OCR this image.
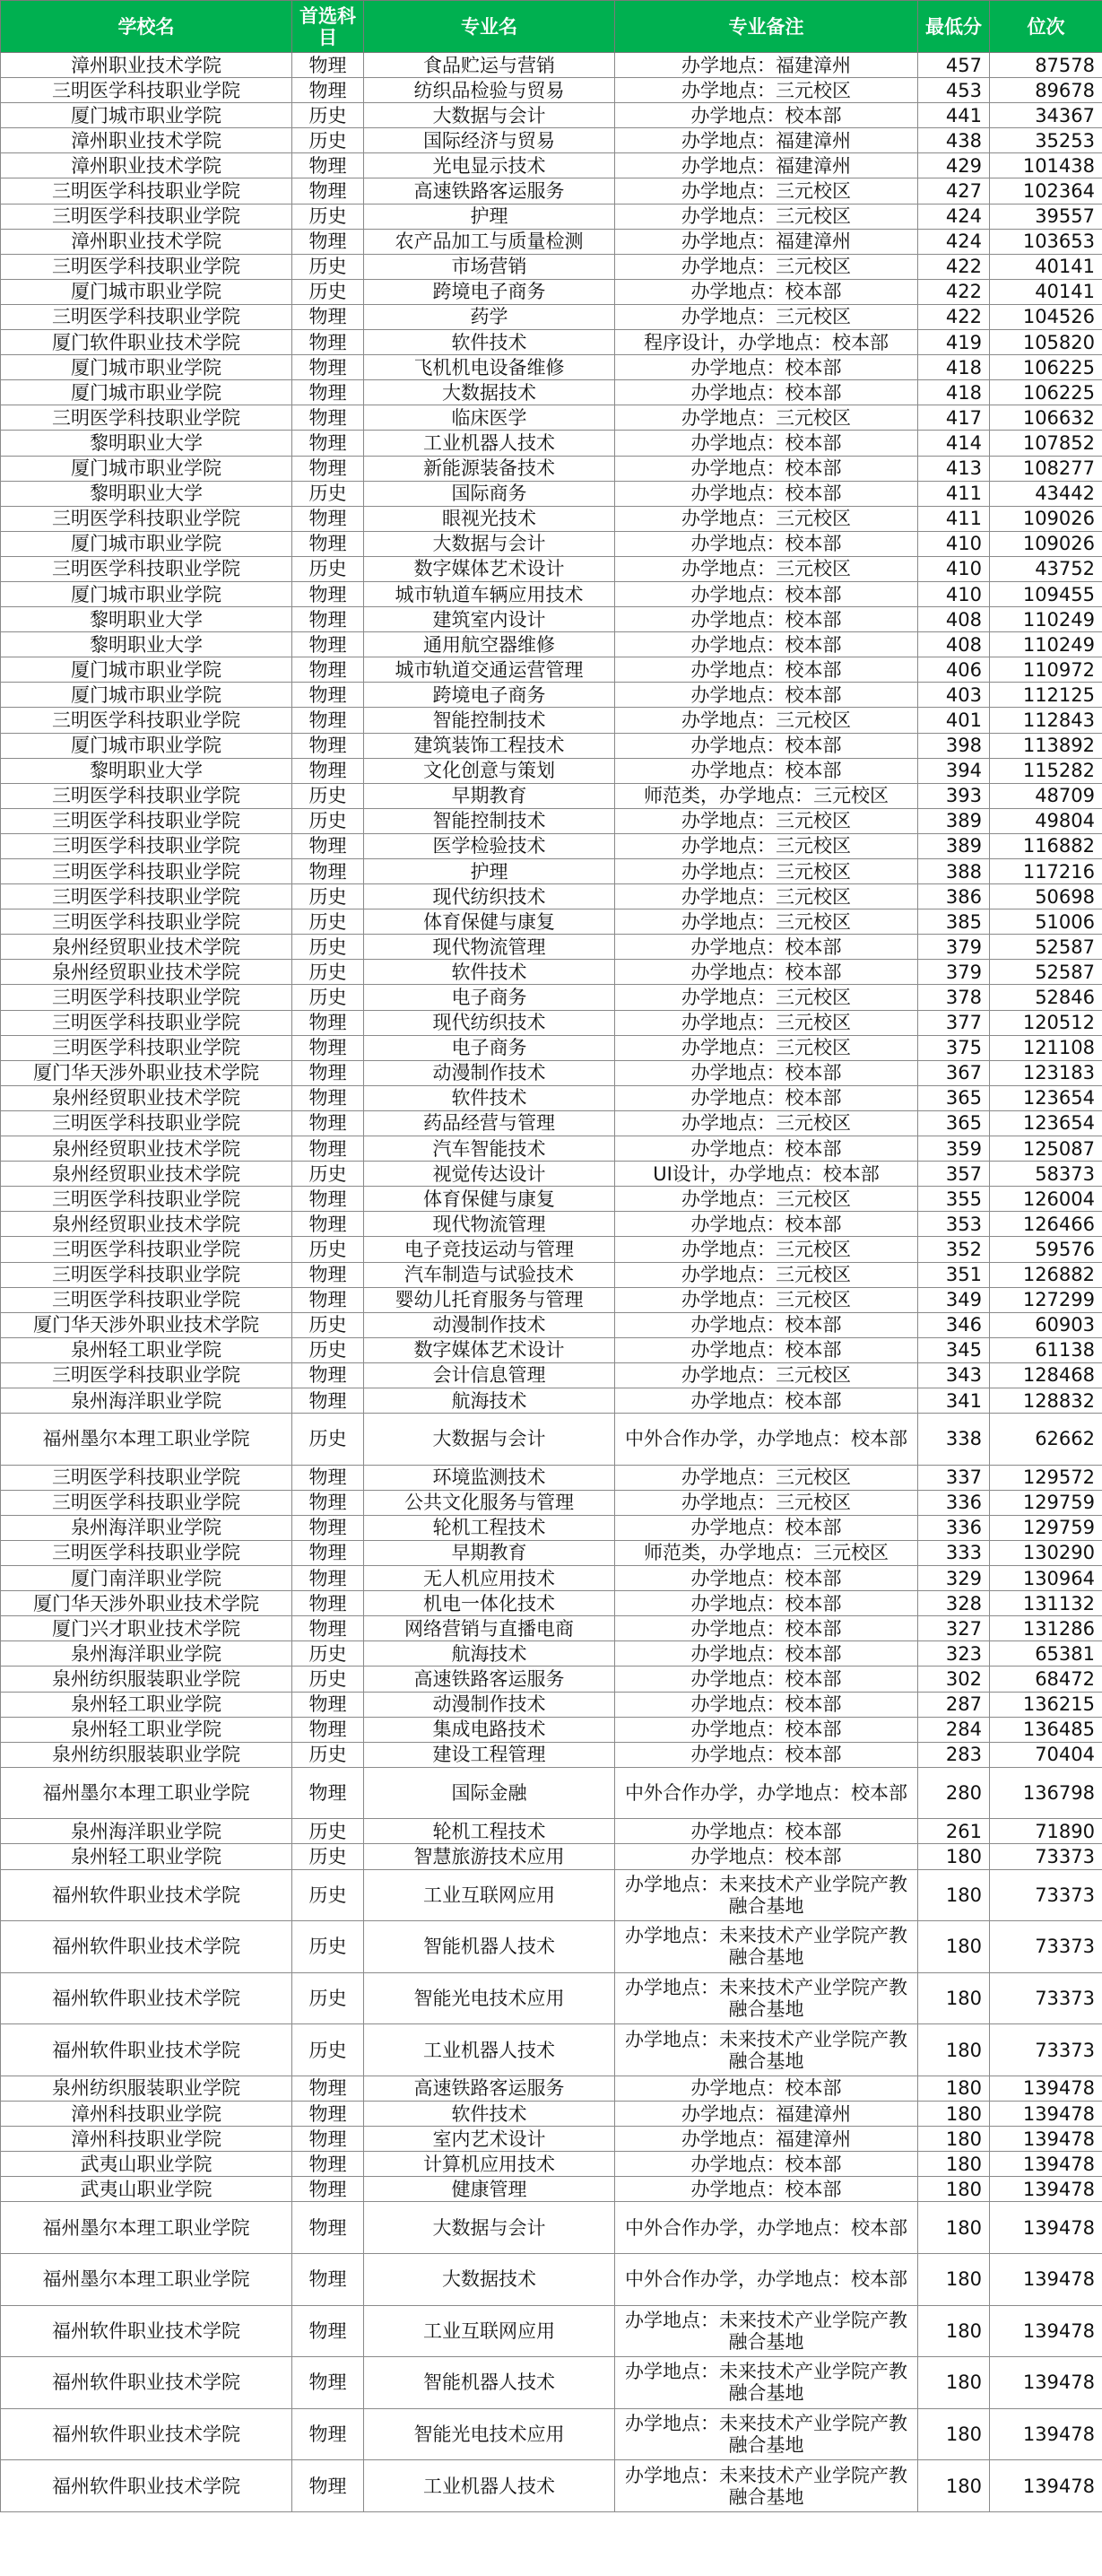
学校名	首选科目	专业名	专业备注	最低分	位次
漳州职业技术学院	物理	食品贮运与营销	办学地点：福建漳州	457	87578
三明医学科技职业学院	物理	纺织品检验与贸易	办学地点：三元校区	453	89678
厦门城市职业学院	历史	大数据与会计	办学地点：校本部	441	34367
漳州职业技术学院	历史	国际经济与贸易	办学地点：福建漳州	438	35253
漳州职业技术学院	物理	光电显示技术	办学地点：福建漳州	429	101438
三明医学科技职业学院	物理	高速铁路客运服务	办学地点：三元校区	427	102364
三明医学科技职业学院	历史	护理	办学地点：三元校区	424	39557
漳州职业技术学院	物理	农产品加工与质量检测	办学地点：福建漳州	424	103653
三明医学科技职业学院	历史	市场营销	办学地点：三元校区	422	40141
厦门城市职业学院	历史	跨境电子商务	办学地点：校本部	422	40141
三明医学科技职业学院	物理	药学	办学地点：三元校区	422	104526
厦门软件职业技术学院	物理	软件技术	程序设计，办学地点：校本部	419	105820
厦门城市职业学院	物理	飞机机电设备维修	办学地点：校本部	418	106225
厦门城市职业学院	物理	大数据技术	办学地点：校本部	418	106225
三明医学科技职业学院	物理	临床医学	办学地点：三元校区	417	106632
黎明职业大学	物理	工业机器人技术	办学地点：校本部	414	107852
厦门城市职业学院	物理	新能源装备技术	办学地点：校本部	413	108277
黎明职业大学	历史	国际商务	办学地点：校本部	411	43442
三明医学科技职业学院	物理	眼视光技术	办学地点：三元校区	411	109026
厦门城市职业学院	物理	大数据与会计	办学地点：校本部	410	109026
三明医学科技职业学院	历史	数字媒体艺术设计	办学地点：三元校区	410	43752
厦门城市职业学院	物理	城市轨道车辆应用技术	办学地点：校本部	410	109455
黎明职业大学	物理	建筑室内设计	办学地点：校本部	408	110249
黎明职业大学	物理	通用航空器维修	办学地点：校本部	408	110249
厦门城市职业学院	物理	城市轨道交通运营管理	办学地点：校本部	406	110972
厦门城市职业学院	物理	跨境电子商务	办学地点：校本部	403	112125
三明医学科技职业学院	物理	智能控制技术	办学地点：三元校区	401	112843
厦门城市职业学院	物理	建筑装饰工程技术	办学地点：校本部	398	113892
黎明职业大学	物理	文化创意与策划	办学地点：校本部	394	115282
三明医学科技职业学院	历史	早期教育	师范类，办学地点：三元校区	393	48709
三明医学科技职业学院	历史	智能控制技术	办学地点：三元校区	389	49804
三明医学科技职业学院	物理	医学检验技术	办学地点：三元校区	389	116882
三明医学科技职业学院	物理	护理	办学地点：三元校区	388	117216
三明医学科技职业学院	历史	现代纺织技术	办学地点：三元校区	386	50698
三明医学科技职业学院	历史	体育保健与康复	办学地点：三元校区	385	51006
泉州经贸职业技术学院	历史	现代物流管理	办学地点：校本部	379	52587
泉州经贸职业技术学院	历史	软件技术	办学地点：校本部	379	52587
三明医学科技职业学院	历史	电子商务	办学地点：三元校区	378	52846
三明医学科技职业学院	物理	现代纺织技术	办学地点：三元校区	377	120512
三明医学科技职业学院	物理	电子商务	办学地点：三元校区	375	121108
厦门华天涉外职业技术学院	物理	动漫制作技术	办学地点：校本部	367	123183
泉州经贸职业技术学院	物理	软件技术	办学地点：校本部	365	123654
三明医学科技职业学院	物理	药品经营与管理	办学地点：三元校区	365	123654
泉州经贸职业技术学院	物理	汽车智能技术	办学地点：校本部	359	125087
泉州经贸职业技术学院	历史	视觉传达设计	UI设计，办学地点：校本部	357	58373
三明医学科技职业学院	物理	体育保健与康复	办学地点：三元校区	355	126004
泉州经贸职业技术学院	物理	现代物流管理	办学地点：校本部	353	126466
三明医学科技职业学院	历史	电子竞技运动与管理	办学地点：三元校区	352	59576
三明医学科技职业学院	物理	汽车制造与试验技术	办学地点：三元校区	351	126882
三明医学科技职业学院	物理	婴幼儿托育服务与管理	办学地点：三元校区	349	127299
厦门华天涉外职业技术学院	历史	动漫制作技术	办学地点：校本部	346	60903
泉州轻工职业学院	历史	数字媒体艺术设计	办学地点：校本部	345	61138
三明医学科技职业学院	物理	会计信息管理	办学地点：三元校区	343	128468
泉州海洋职业学院	物理	航海技术	办学地点：校本部	341	128832
福州墨尔本理工职业学院	历史	大数据与会计	中外合作办学，办学地点：校本部	338	62662
三明医学科技职业学院	物理	环境监测技术	办学地点：三元校区	337	129572
三明医学科技职业学院	物理	公共文化服务与管理	办学地点：三元校区	336	129759
泉州海洋职业学院	物理	轮机工程技术	办学地点：校本部	336	129759
三明医学科技职业学院	物理	早期教育	师范类，办学地点：三元校区	333	130290
厦门南洋职业学院	物理	无人机应用技术	办学地点：校本部	329	130964
厦门华天涉外职业技术学院	物理	机电一体化技术	办学地点：校本部	328	131132
厦门兴才职业技术学院	物理	网络营销与直播电商	办学地点：校本部	327	131286
泉州海洋职业学院	历史	航海技术	办学地点：校本部	323	65381
泉州纺织服装职业学院	历史	高速铁路客运服务	办学地点：校本部	302	68472
泉州轻工职业学院	物理	动漫制作技术	办学地点：校本部	287	136215
泉州轻工职业学院	物理	集成电路技术	办学地点：校本部	284	136485
泉州纺织服装职业学院	历史	建设工程管理	办学地点：校本部	283	70404
福州墨尔本理工职业学院	物理	国际金融	中外合作办学，办学地点：校本部	280	136798
泉州海洋职业学院	历史	轮机工程技术	办学地点：校本部	261	71890
泉州轻工职业学院	历史	智慧旅游技术应用	办学地点：校本部	180	73373
福州软件职业技术学院	历史	工业互联网应用	办学地点：未来技术产业学院产教融合基地	180	73373
福州软件职业技术学院	历史	智能机器人技术	办学地点：未来技术产业学院产教融合基地	180	73373
福州软件职业技术学院	历史	智能光电技术应用	办学地点：未来技术产业学院产教融合基地	180	73373
福州软件职业技术学院	历史	工业机器人技术	办学地点：未来技术产业学院产教融合基地	180	73373
泉州纺织服装职业学院	物理	高速铁路客运服务	办学地点：校本部	180	139478
漳州科技职业学院	物理	软件技术	办学地点：福建漳州	180	139478
漳州科技职业学院	物理	室内艺术设计	办学地点：福建漳州	180	139478
武夷山职业学院	物理	计算机应用技术	办学地点：校本部	180	139478
武夷山职业学院	物理	健康管理	办学地点：校本部	180	139478
福州墨尔本理工职业学院	物理	大数据与会计	中外合作办学，办学地点：校本部	180	139478
福州墨尔本理工职业学院	物理	大数据技术	中外合作办学，办学地点：校本部	180	139478
福州软件职业技术学院	物理	工业互联网应用	办学地点：未来技术产业学院产教融合基地	180	139478
福州软件职业技术学院	物理	智能机器人技术	办学地点：未来技术产业学院产教融合基地	180	139478
福州软件职业技术学院	物理	智能光电技术应用	办学地点：未来技术产业学院产教融合基地	180	139478
福州软件职业技术学院	物理	工业机器人技术	办学地点：未来技术产业学院产教融合基地	180	139478
